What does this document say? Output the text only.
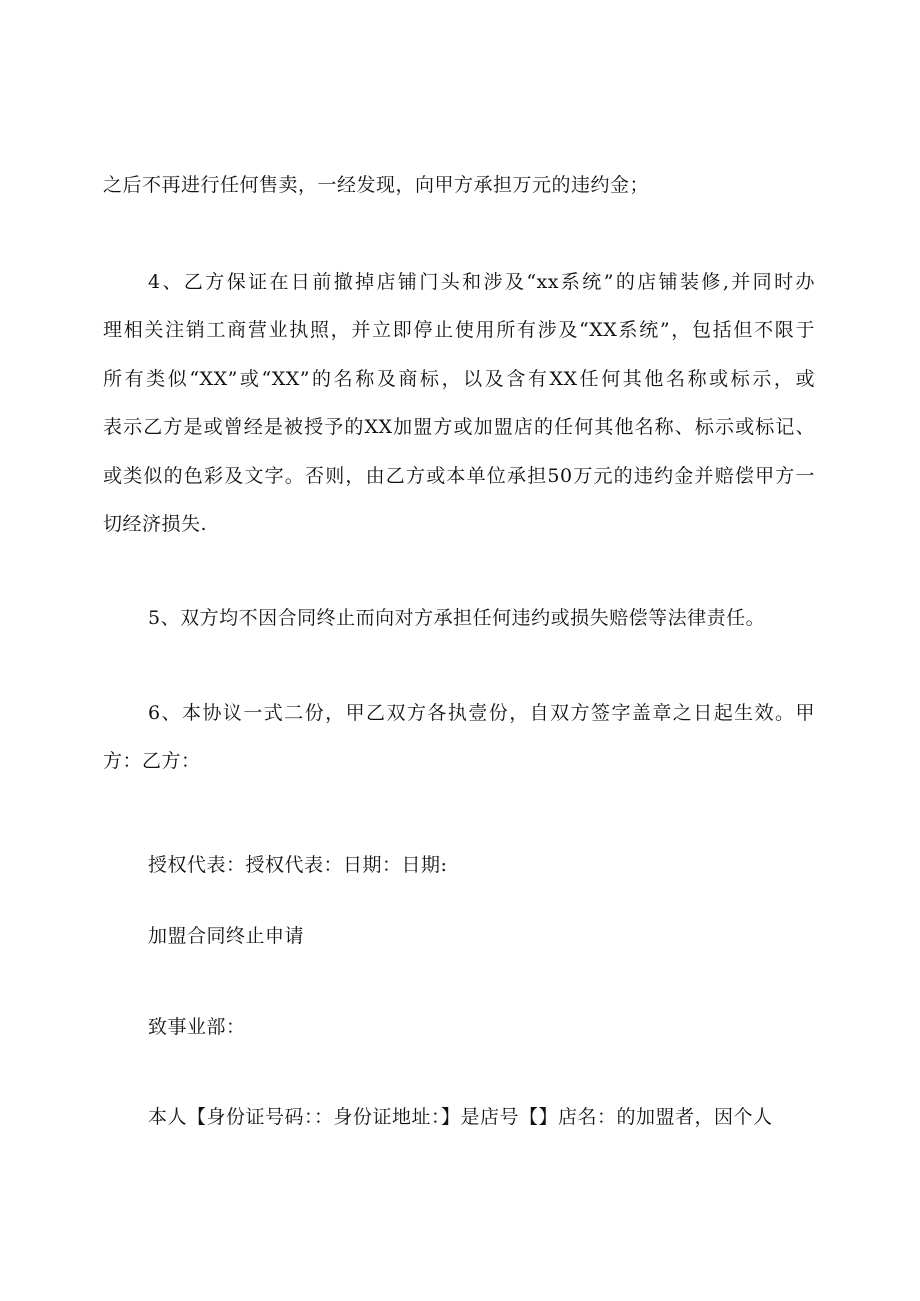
之后不再进行任何售卖，一经发现，向甲方承担万元的违约金；
4、乙方保证在日前撤掉店铺门头和涉及“xx系统”的店铺装修,并同时办
理相关注销工商营业执照，并立即停止使用所有涉及“XX系统”，包括但不限于
所有类似“XX”或“XX”的名称及商标，以及含有XX任何其他名称或标示，或
表示乙方是或曾经是被授予的XX加盟方或加盟店的任何其他名称、标示或标记、
或类似的色彩及文字。否则，由乙方或本单位承担50万元的违约金并赔偿甲方一
切经济损失.
5、双方均不因合同终止而向对方承担任何违约或损失赔偿等法律责任。
6、本协议一式二份，甲乙双方各执壹份，自双方签字盖章之日起生效。甲
方：乙方：
授权代表：授权代表：日期：日期:
加盟合同终止申请
致事业部：
本人【身份证号码：：身份证地址：】是店号【】店名：的加盟者，因个人
